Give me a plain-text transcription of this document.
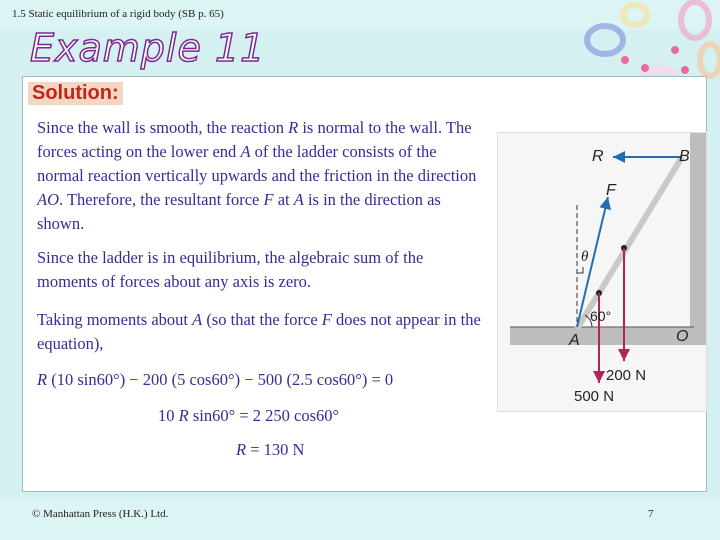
1.5 Static equilibrium of a rigid body (SB p. 65)
Example 11
Solution:
Since the wall is smooth, the reaction R is normal to the wall. The forces acting on the lower end A of the ladder consists of the normal reaction vertically upwards and the friction in the direction AO. Therefore, the resultant force F at A is in the direction as shown.
Since the ladder is in equilibrium, the algebraic sum of the moments of forces about any axis is zero.
Taking moments about A (so that the force F does not appear in the equation),
R (10 sin60°) − 200 (5 cos60°) − 500 (2.5 cos60°) = 0
10 R sin60° = 2 250 cos60°
R = 130 N
R	B
F
θ
60°
A	O
200 N
500 N
© Manhattan Press (H.K.) Ltd.	7
